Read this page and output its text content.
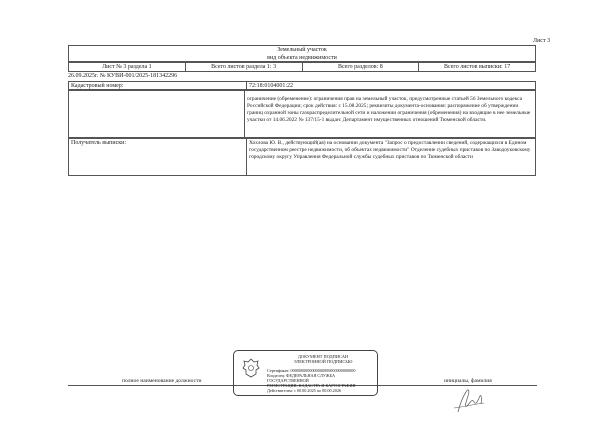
Лист 3
Земельный участок
вид объекта недвижимости
Лист № 3 раздела 1	Всего листов раздела 1: 3	Всего разделов: 8	Всего листов выписки: 17
26.09.2025г. № КУВИ-001/2025-181342296
Кадастровый номер:	72:18:0104001:22
ограничение (обременение): ограничения прав на земельный участок, предусмотренные статьей 56 Земельного кодекса Российской Федерации; срок действия: с 15.08.2025; реквизиты документа-основания: распоряжение об утверждении границ охранной зоны газораспределительной сети и наложении ограничения (обременения) на входящие в нее земельные участки от 14.06.2022 № 137/15-1 выдан: Департамент имущественных отношений Тюменской области.
Получатель выписки:	Хохлова Ю. В., действующий(ая) на основании документа "Запрос о предоставлении сведений, содержащихся в Едином государственном реестре недвижимости, об объектах недвижимости" Отделение судебных приставов по Заводоуковскому городскому округу Управления Федеральной службы судебных приставов по Тюменской области
полное наименование должности	инициалы, фамилия
ДОКУМЕНТ ПОДПИСАН
ЭЛЕКТРОННОЙ ПОДПИСЬЮ
Сертификат: 0000000000000000000000000000000
Владелец: ФЕДЕРАЛЬНАЯ СЛУЖБА ГОСУДАРСТВЕННОЙ
РЕГИСТРАЦИИ, КАДАСТРА И КАРТОГРАФИИ
Действителен: с 00.00.2025 по 00.00.2026
